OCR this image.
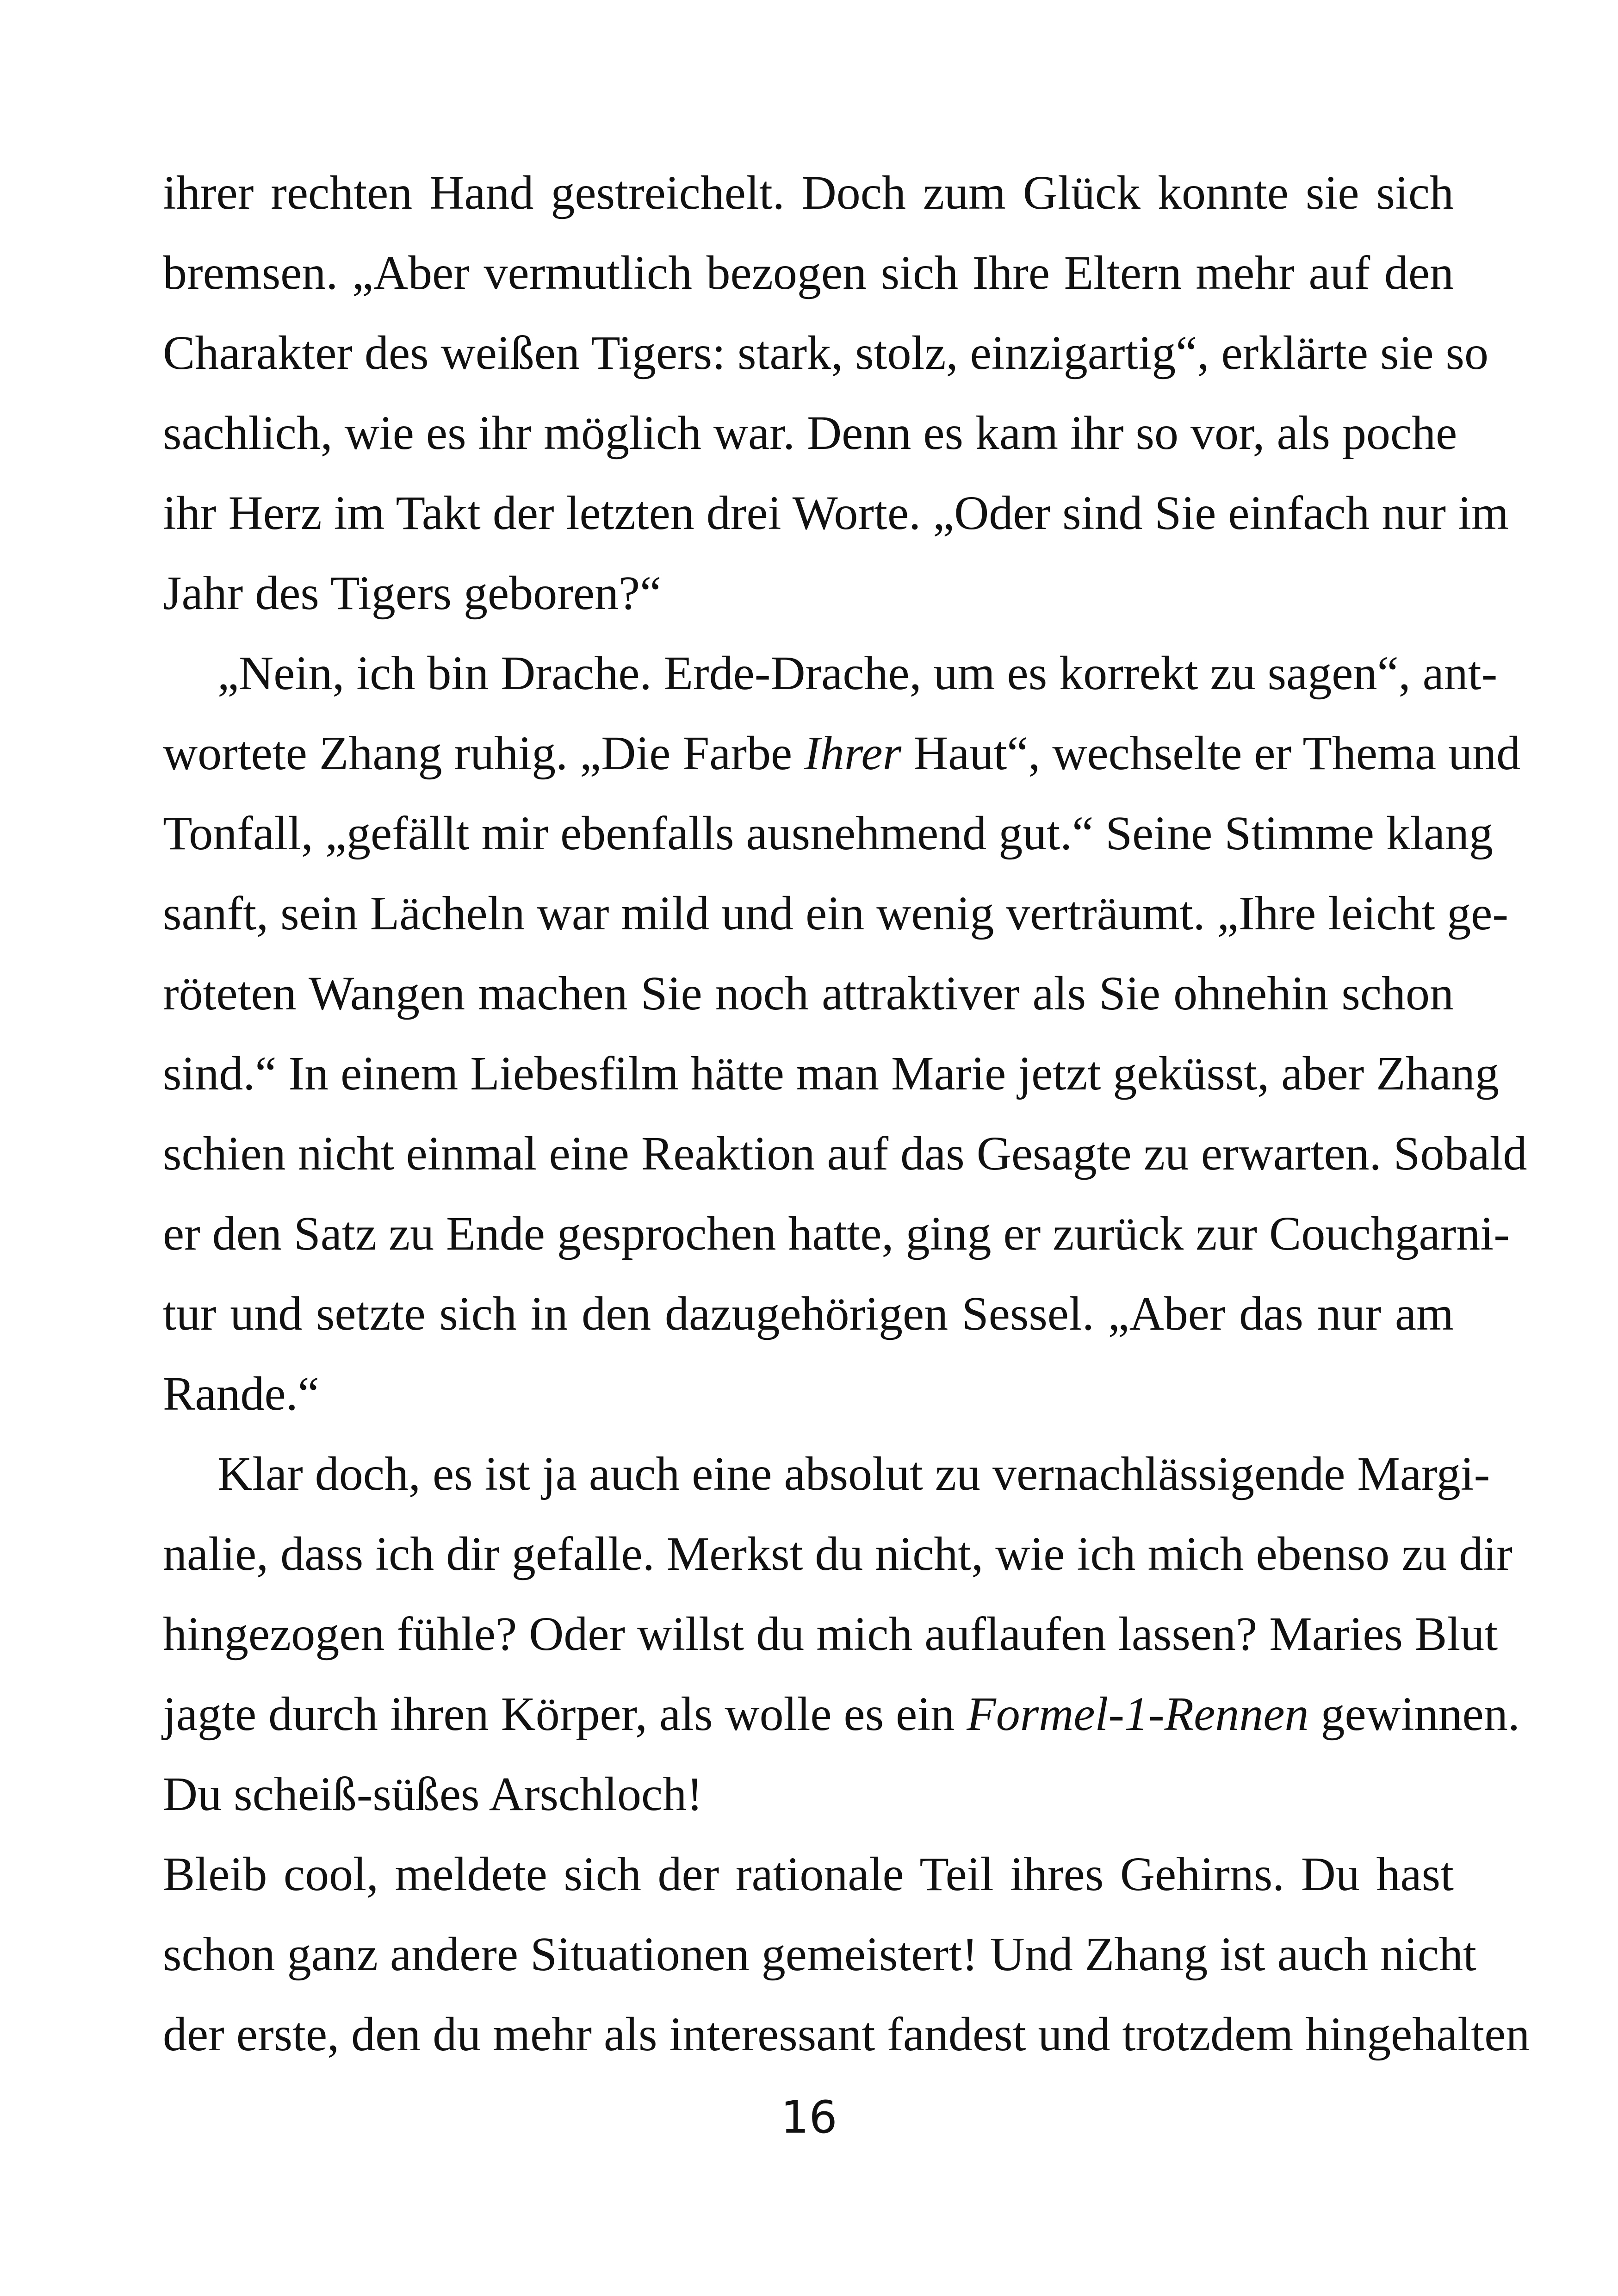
ihrer rechten Hand gestreichelt. Doch zum Glück konnte sie sich
bremsen. „Aber vermutlich bezogen sich Ihre Eltern mehr auf den
Charakter des weißen Tigers: stark, stolz, einzigartig“, erklärte sie so
sachlich, wie es ihr möglich war. Denn es kam ihr so vor, als poche
ihr Herz im Takt der letzten drei Worte. „Oder sind Sie einfach nur im
Jahr des Tigers geboren?“
„Nein, ich bin Drache. Erde-Drache, um es korrekt zu sagen“, ant-
wortete Zhang ruhig. „Die Farbe Ihrer Haut“, wechselte er Thema und
Tonfall, „gefällt mir ebenfalls ausnehmend gut.“ Seine Stimme klang
sanft, sein Lächeln war mild und ein wenig verträumt. „Ihre leicht ge-
röteten Wangen machen Sie noch attraktiver als Sie ohnehin schon
sind.“ In einem Liebesfilm hätte man Marie jetzt geküsst, aber Zhang
schien nicht einmal eine Reaktion auf das Gesagte zu erwarten. Sobald
er den Satz zu Ende gesprochen hatte, ging er zurück zur Couchgarni-
tur und setzte sich in den dazugehörigen Sessel. „Aber das nur am
Rande.“
Klar doch, es ist ja auch eine absolut zu vernachlässigende Margi-
nalie, dass ich dir gefalle. Merkst du nicht, wie ich mich ebenso zu dir
hingezogen fühle? Oder willst du mich auflaufen lassen? Maries Blut
jagte durch ihren Körper, als wolle es ein Formel-1-Rennen gewinnen.
Du scheiß-süßes Arschloch!
Bleib cool, meldete sich der rationale Teil ihres Gehirns. Du hast
schon ganz andere Situationen gemeistert! Und Zhang ist auch nicht
der erste, den du mehr als interessant fandest und trotzdem hingehalten
16
